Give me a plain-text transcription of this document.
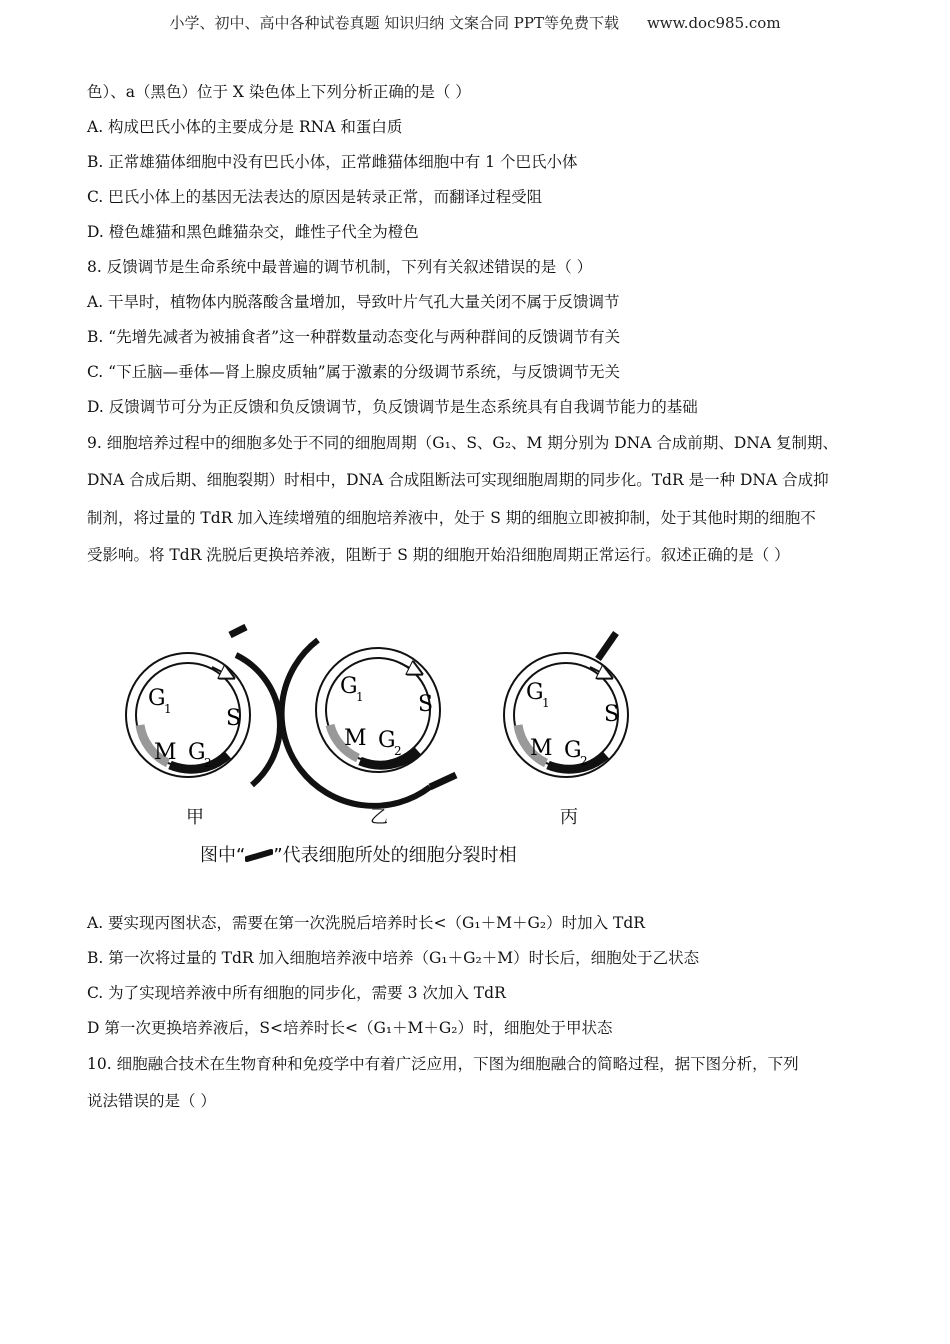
小学、初中、高中各种试卷真题 知识归纳 文案合同 PPT等免费下载 www.doc985.com
色）、a（黑色）位于 X 染色体上下列分析正确的是（ ）
A. 构成巴氏小体的主要成分是 RNA 和蛋白质
B. 正常雄猫体细胞中没有巴氏小体，正常雌猫体细胞中有 1 个巴氏小体
C. 巴氏小体上的基因无法表达的原因是转录正常，而翻译过程受阻
D. 橙色雄猫和黑色雌猫杂交，雌性子代全为橙色
8. 反馈调节是生命系统中最普遍的调节机制，下列有关叙述错误的是（ ）
A. 干旱时，植物体内脱落酸含量增加，导致叶片气孔大量关闭不属于反馈调节
B. “先增先减者为被捕食者”这一种群数量动态变化与两种群间的反馈调节有关
C. “下丘脑—垂体—肾上腺皮质轴”属于激素的分级调节系统，与反馈调节无关
D. 反馈调节可分为正反馈和负反馈调节，负反馈调节是生态系统具有自我调节能力的基础
9. 细胞培养过程中的细胞多处于不同的细胞周期（G₁、S、G₂、M 期分别为 DNA 合成前期、DNA 复制期、
DNA 合成后期、细胞裂期）时相中，DNA 合成阻断法可实现细胞周期的同步化。TdR 是一种 DNA 合成抑
制剂，将过量的 TdR 加入连续增殖的细胞培养液中，处于 S 期的细胞立即被抑制，处于其他时期的细胞不
受影响。将 TdR 洗脱后更换培养液，阻断于 S 期的细胞开始沿细胞周期正常运行。叙述正确的是（ ）
G
1 S
M G
2
G
1 S
M G
2
G
1 S
M G
2
甲	乙	丙
图中“ ”代表细胞所处的细胞分裂时相
A. 要实现丙图状态，需要在第一次洗脱后培养时长<（G₁＋M＋G₂）时加入 TdR
B. 第一次将过量的 TdR 加入细胞培养液中培养（G₁＋G₂＋M）时长后，细胞处于乙状态
C. 为了实现培养液中所有细胞的同步化，需要 3 次加入 TdR
D 第一次更换培养液后，S<培养时长<（G₁＋M＋G₂）时，细胞处于甲状态
10. 细胞融合技术在生物育种和免疫学中有着广泛应用，下图为细胞融合的简略过程，据下图分析，下列
说法错误的是（ ）
